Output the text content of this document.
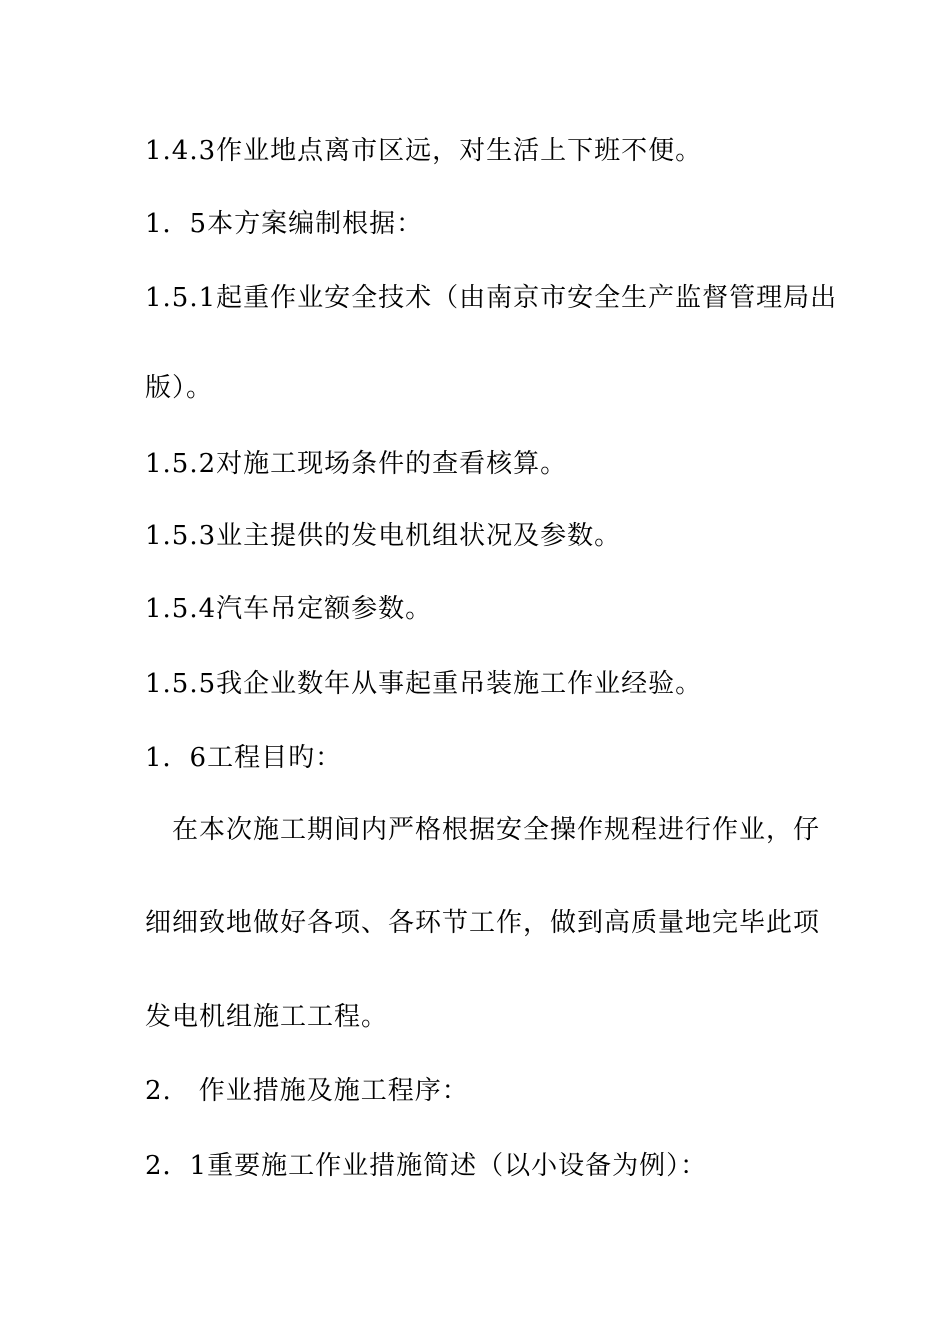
1.4.3作业地点离市区远，对生活上下班不便。
1．5本方案编制根据：
1.5.1起重作业安全技术（由南京市安全生产监督管理局出
版）。
1.5.2对施工现场条件的查看核算。
1.5.3业主提供的发电机组状况及参数。
1.5.4汽车吊定额参数。
1.5.5我企业数年从事起重吊装施工作业经验。
1．6工程目旳：
在本次施工期间内严格根据安全操作规程进行作业，仔
细细致地做好各项、各环节工作，做到高质量地完毕此项
发电机组施工工程。
2.　作业措施及施工程序：
2．1重要施工作业措施简述（以小设备为例）：
